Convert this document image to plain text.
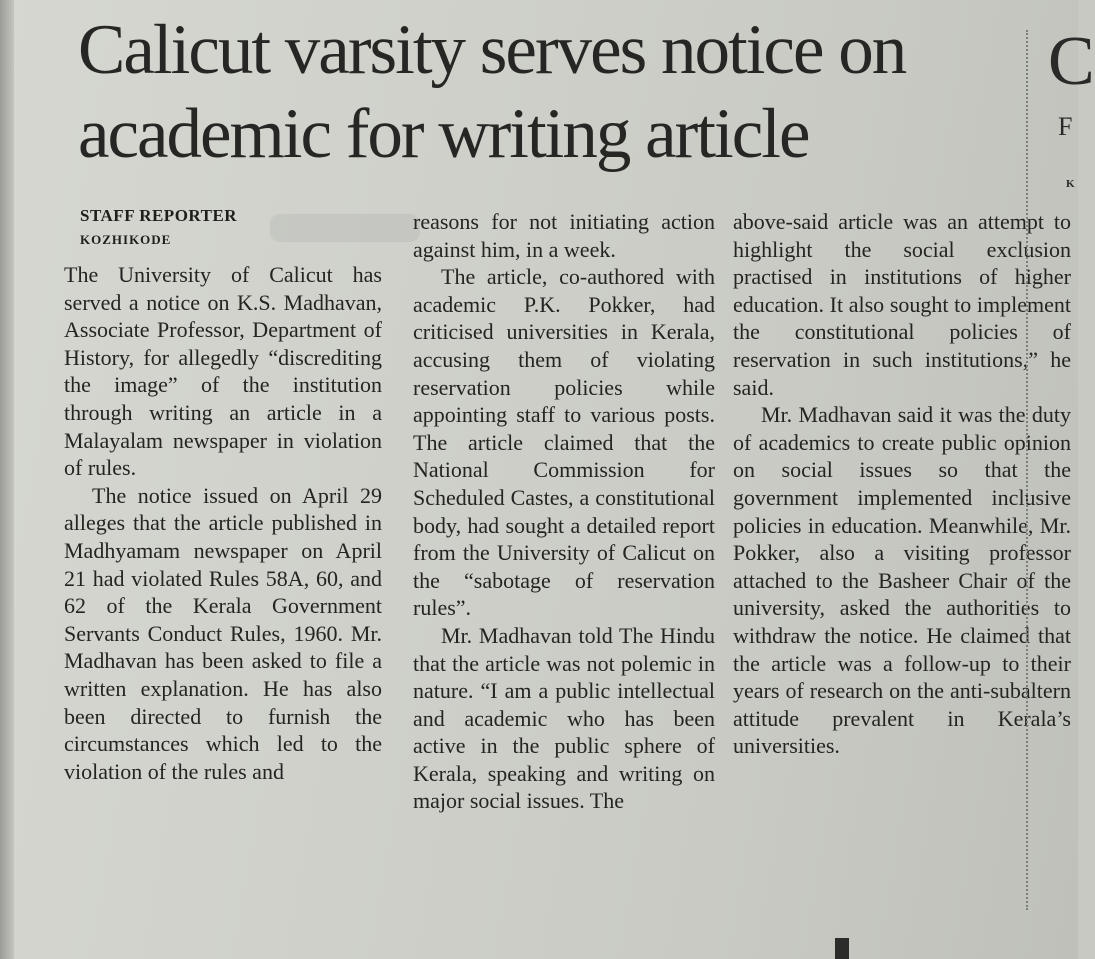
Calicut varsity serves notice on academic for writing article
STAFF REPORTER
KOZHIKODE

The University of Calicut has served a notice on K.S. Madhavan, Associate Professor, Department of History, for allegedly “discrediting the image” of the institution through writing an article in a Malayalam newspaper in violation of rules.

The notice issued on April 29 alleges that the article published in Madhyamam newspaper on April 21 had violated Rules 58A, 60, and 62 of the Kerala Government Servants Conduct Rules, 1960. Mr. Madhavan has been asked to file a written explanation. He has also been directed to furnish the circumstances which led to the violation of the rules and

reasons for not initiating action against him, in a week.

The article, co-authored with academic P.K. Pokker, had criticised universities in Kerala, accusing them of violating reservation policies while appointing staff to various posts. The article claimed that the National Commission for Scheduled Castes, a constitutional body, had sought a detailed report from the University of Calicut on the “sabotage of reservation rules”.

Mr. Madhavan told The Hindu that the article was not polemic in nature. “I am a public intellectual and academic who has been active in the public sphere of Kerala, speaking and writing on major social issues. The

above-said article was an attempt to highlight the social exclusion practised in institutions of higher education. It also sought to implement the constitutional policies of reservation in such institutions,” he said.

Mr. Madhavan said it was the duty of academics to create public opinion on social issues so that the government implemented inclusive policies in education. Meanwhile, Mr. Pokker, also a visiting professor attached to the Basheer Chair of the university, asked the authorities to withdraw the notice. He claimed that the article was a follow-up to their years of research on the anti-subaltern attitude prevalent in Kerala’s universities.

C
F
K
